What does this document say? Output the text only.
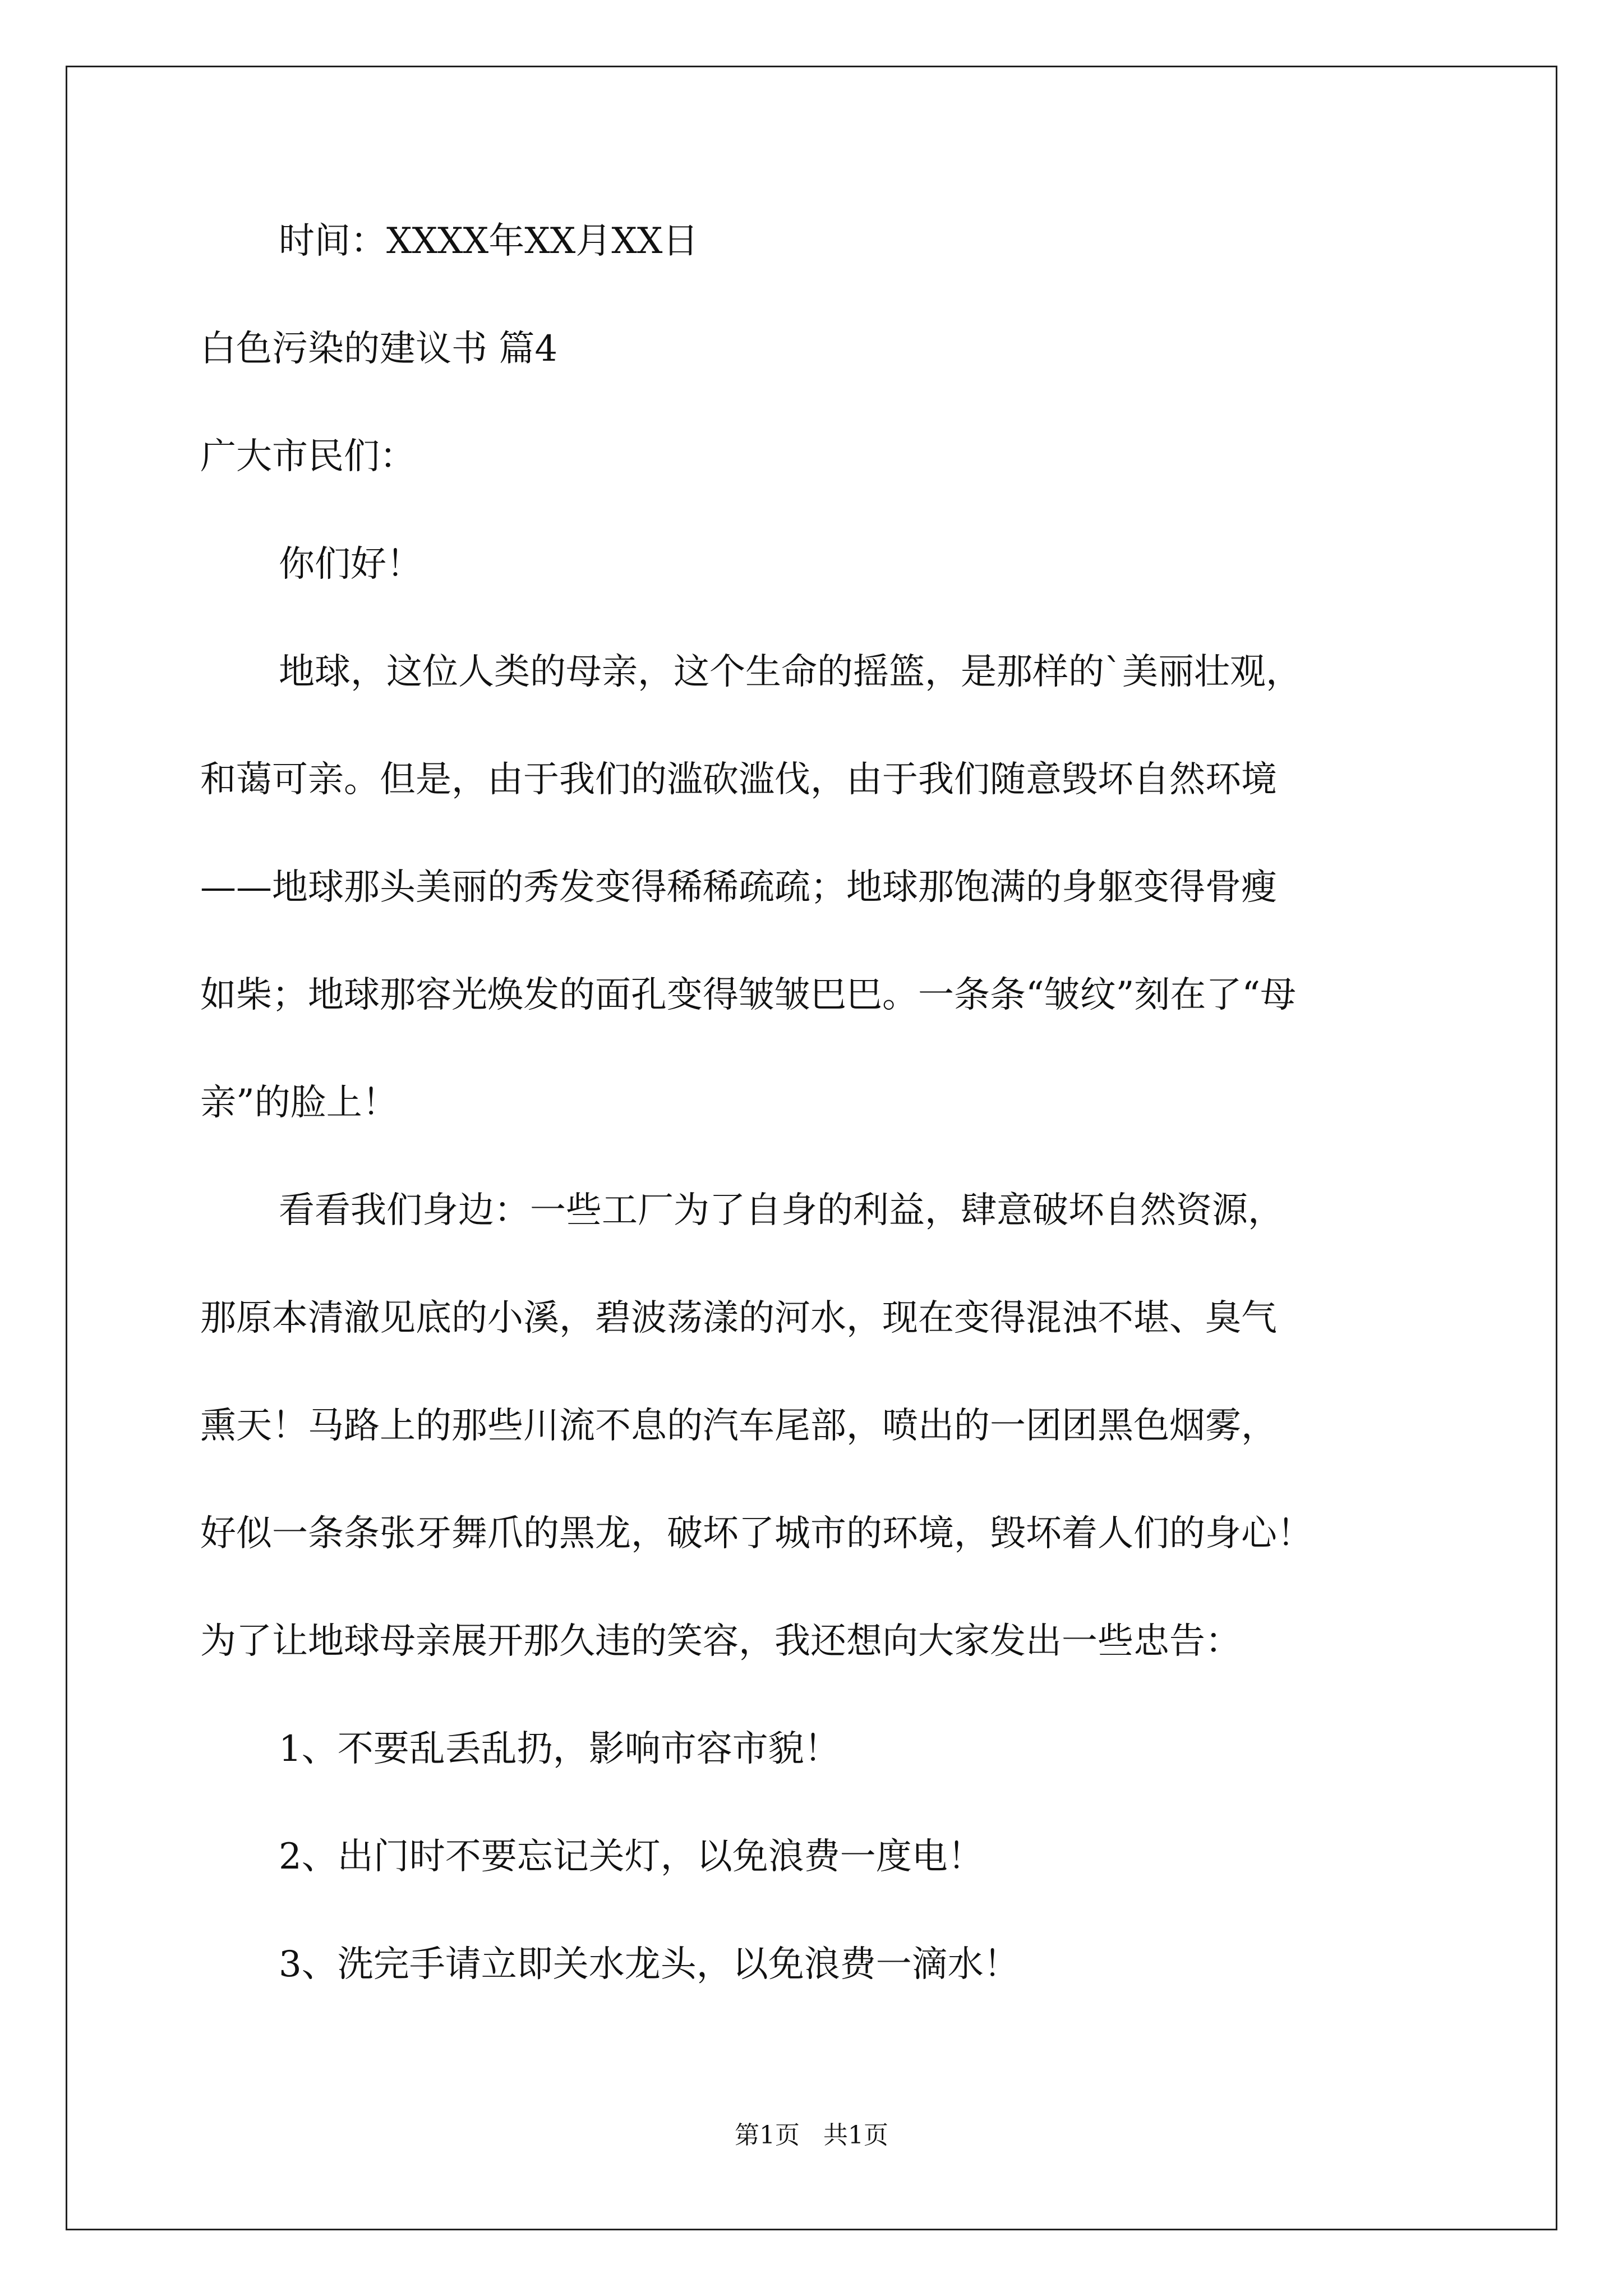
时间：XXXX年XX月XX日
白色污染的建议书 篇4
广大市民们：
你们好！
地球，这位人类的母亲，这个生命的摇篮，是那样的`美丽壮观，
和蔼可亲。但是，由于我们的滥砍滥伐，由于我们随意毁坏自然环境
——地球那头美丽的秀发变得稀稀疏疏；地球那饱满的身躯变得骨瘦
如柴；地球那容光焕发的面孔变得皱皱巴巴。一条条“皱纹”刻在了“母
亲”的脸上！
看看我们身边：一些工厂为了自身的利益，肆意破坏自然资源，
那原本清澈见底的小溪，碧波荡漾的河水，现在变得混浊不堪、臭气
熏天！马路上的那些川流不息的汽车尾部，喷出的一团团黑色烟雾，
好似一条条张牙舞爪的黑龙，破坏了城市的环境，毁坏着人们的身心！
为了让地球母亲展开那久违的笑容，我还想向大家发出一些忠告：
1、不要乱丢乱扔，影响市容市貌！
2、出门时不要忘记关灯，以免浪费一度电！
3、洗完手请立即关水龙头，以免浪费一滴水！
第1页   共1页
